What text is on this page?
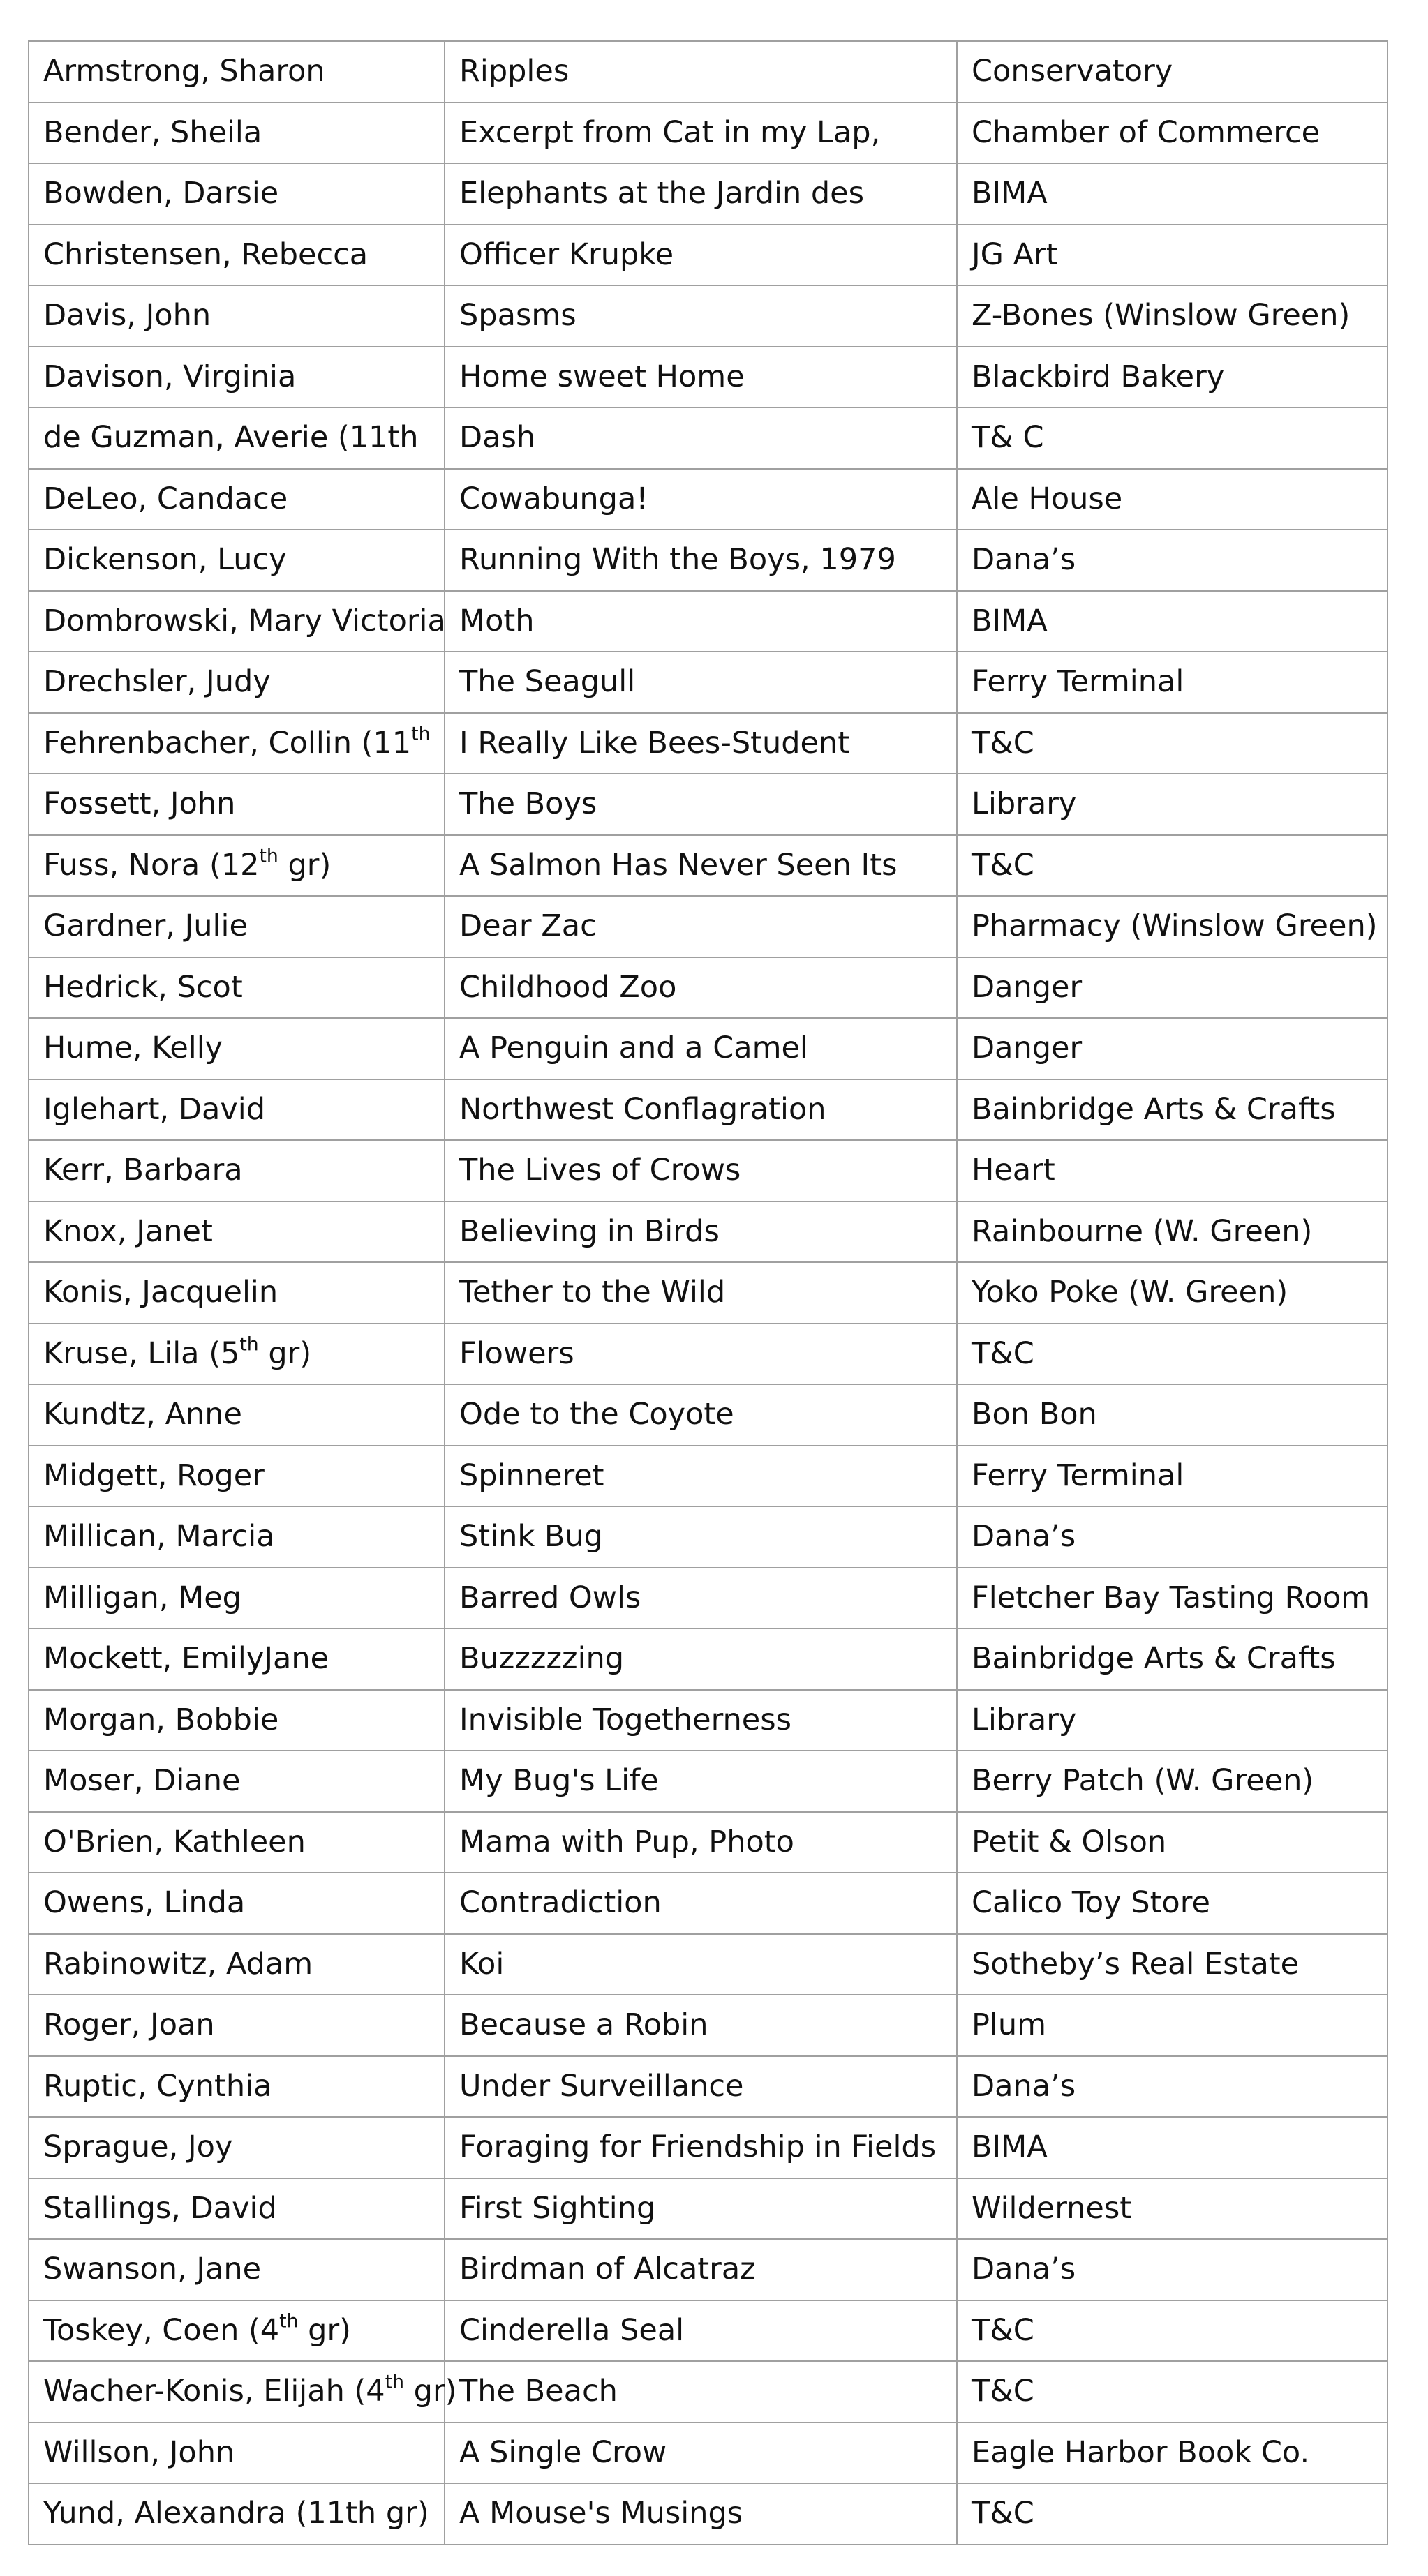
Armstrong, Sharon	Ripples	Conservatory
Bender, Sheila	Excerpt from Cat in my Lap,	Chamber of Commerce
Bowden, Darsie	Elephants at the Jardin des	BIMA
Christensen, Rebecca	Officer Krupke	JG Art
Davis, John	Spasms	Z-Bones (Winslow Green)
Davison, Virginia	Home sweet Home	Blackbird Bakery
de Guzman, Averie (11th	Dash	T& C
DeLeo, Candace	Cowabunga!	Ale House
Dickenson, Lucy	Running With the Boys, 1979	Dana’s
Dombrowski, Mary Victoria	Moth	BIMA
Drechsler, Judy	The Seagull	Ferry Terminal
Fehrenbacher, Collin (11th	I Really Like Bees-Student	T&C
Fossett, John	The Boys	Library
Fuss, Nora (12th gr)	A Salmon Has Never Seen Its	T&C
Gardner, Julie	Dear Zac	Pharmacy (Winslow Green)
Hedrick, Scot	Childhood Zoo	Danger
Hume, Kelly	A Penguin and a Camel	Danger
Iglehart, David	Northwest Conflagration	Bainbridge Arts & Crafts
Kerr, Barbara	The Lives of Crows	Heart
Knox, Janet	Believing in Birds	Rainbourne (W. Green)
Konis, Jacquelin	Tether to the Wild	Yoko Poke (W. Green)
Kruse, Lila (5th gr)	Flowers	T&C
Kundtz, Anne	Ode to the Coyote	Bon Bon
Midgett, Roger	Spinneret	Ferry Terminal
Millican, Marcia	Stink Bug	Dana’s
Milligan, Meg	Barred Owls	Fletcher Bay Tasting Room
Mockett, EmilyJane	Buzzzzzing	Bainbridge Arts & Crafts
Morgan, Bobbie	Invisible Togetherness	Library
Moser, Diane	My Bug's Life	Berry Patch (W. Green)
O'Brien, Kathleen	Mama with Pup, Photo	Petit & Olson
Owens, Linda	Contradiction	Calico Toy Store
Rabinowitz, Adam	Koi	Sotheby’s Real Estate
Roger, Joan	Because a Robin	Plum
Ruptic, Cynthia	Under Surveillance	Dana’s
Sprague, Joy	Foraging for Friendship in Fields	BIMA
Stallings, David	First Sighting	Wildernest
Swanson, Jane	Birdman of Alcatraz	Dana’s
Toskey, Coen (4th gr)	Cinderella Seal	T&C
Wacher-Konis, Elijah (4th gr)	The Beach	T&C
Willson, John	A Single Crow	Eagle Harbor Book Co.
Yund, Alexandra (11th gr)	A Mouse's Musings	T&C
